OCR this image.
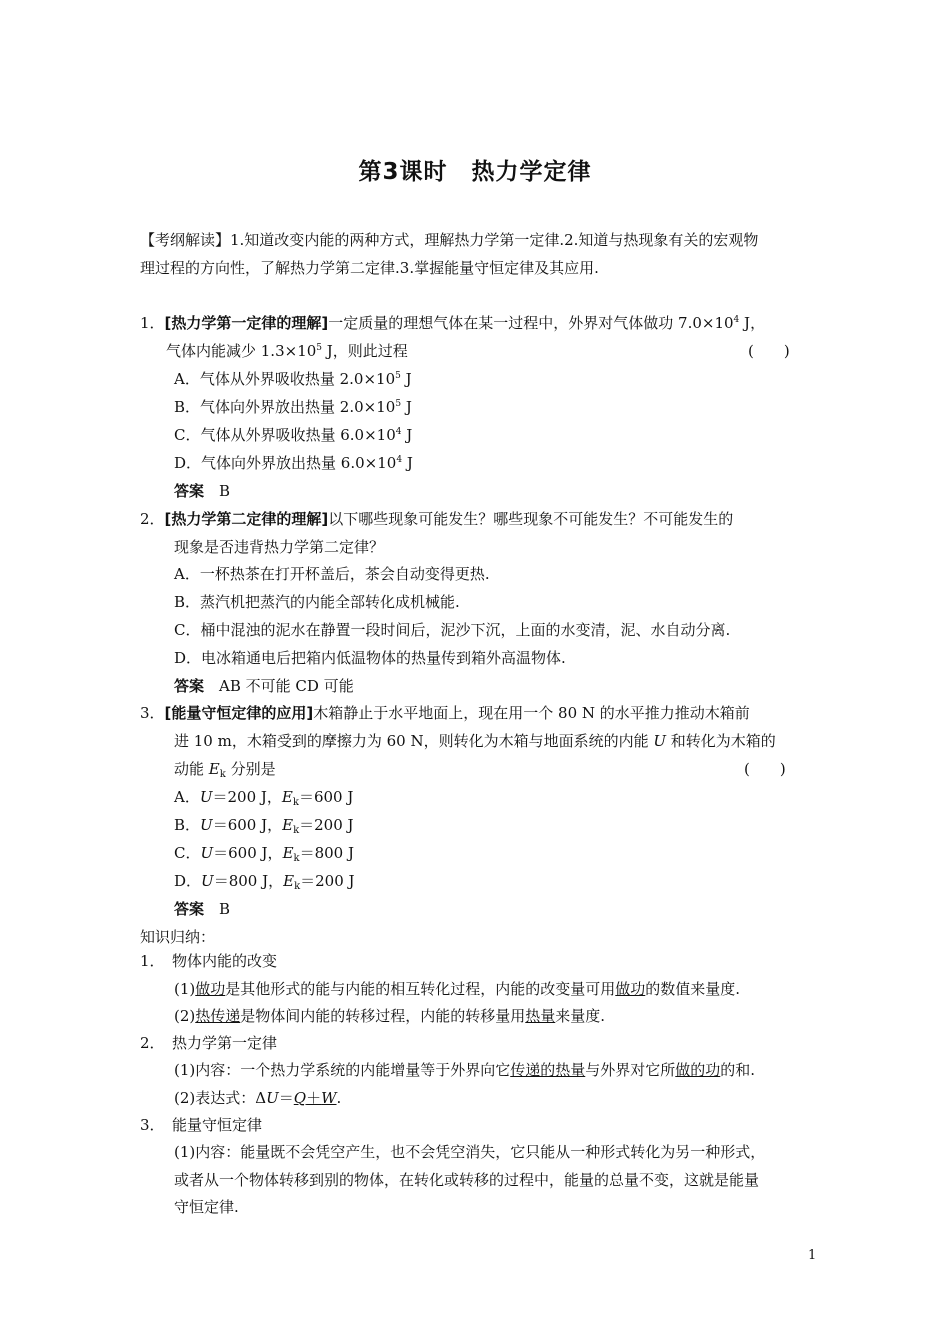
第3课时　热力学定律
【考纲解读】1.知道改变内能的两种方式，理解热力学第一定律.2.知道与热现象有关的宏观物
理过程的方向性，了解热力学第二定律.3.掌握能量守恒定律及其应用.
1．[热力学第一定律的理解]一定质量的理想气体在某一过程中，外界对气体做功 $7.0\times 10^4$ J，
气体内能减少 $1.3\times 10^5$ J，则此过程	(　　)
A．气体从外界吸收热量 $2.0\times 10^5$ J
B．气体向外界放出热量 $2.0\times 10^5$ J
C．气体从外界吸收热量 $6.0\times 10^4$ J
D．气体向外界放出热量 $6.0\times 10^4$ J
答案　 B
2．[热力学第二定律的理解]以下哪些现象可能发生？哪些现象不可能发生？不可能发生的
现象是否违背热力学第二定律？
A．一杯热茶在打开杯盖后，茶会自动变得更热.
B．蒸汽机把蒸汽的内能全部转化成机械能.
C．桶中混浊的泥水在静置一段时间后，泥沙下沉，上面的水变清，泥、水自动分离.
D．电冰箱通电后把箱内低温物体的热量传到箱外高温物体.
答案　 AB 不可能 CD 可能
3．[能量守恒定律的应用]木箱静止于水平地面上，现在用一个 80 N 的水平推力推动木箱前
进 10 m，木箱受到的摩擦力为 60 N，则转化为木箱与地面系统的内能 U 和转化为木箱的
动能 $E_k$ 分别是	(　　)
A．U＝200 J，$E_k=600$ J
B．U＝600 J，$E_k=200$ J
C．U＝600 J，$E_k=800$ J
D．U＝800 J，$E_k=200$ J
答案　 B
知识归纳：
1．　物体内能的改变
(1)做功是其他形式的能与内能的相互转化过程，内能的改变量可用做功的数值来量度.
(2)热传递是物体间内能的转移过程，内能的转移量用热量来量度.
2．　热力学第一定律
(1)内容：一个热力学系统的内能增量等于外界向它传递的热量与外界对它所做的功的和.
(2)表达式：ΔU＝Q＋W.
3．　能量守恒定律
(1)内容：能量既不会凭空产生，也不会凭空消失，它只能从一种形式转化为另一种形式，
或者从一个物体转移到别的物体，在转化或转移的过程中，能量的总量不变，这就是能量
守恒定律.
1
